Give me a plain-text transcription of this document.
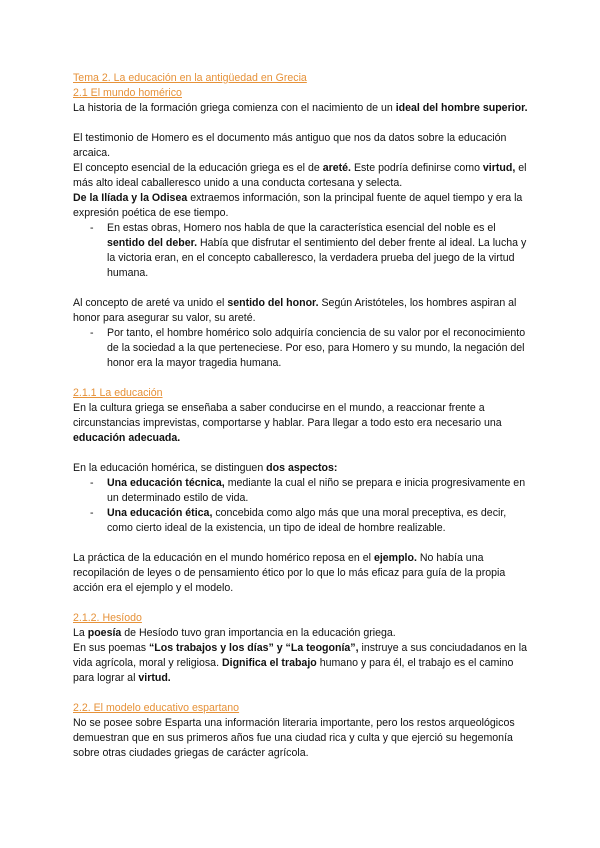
Tema 2. La educación en la antigüedad en Grecia

2.1 El mundo homérico

La historia de la formación griega comienza con el nacimiento de un ideal del hombre superior.

El testimonio de Homero es el documento más antiguo que nos da datos sobre la educación arcaica.

El concepto esencial de la educación griega es el de areté. Este podría definirse como virtud, el más alto ideal caballeresco unido a una conducta cortesana y selecta.

De la Ilíada y la Odisea extraemos información, son la principal fuente de aquel tiempo y era la expresión poética de ese tiempo.

- En estas obras, Homero nos habla de que la característica esencial del noble es el sentido del deber. Había que disfrutar el sentimiento del deber frente al ideal. La lucha y la victoria eran, en el concepto caballeresco, la verdadera prueba del juego de la virtud humana.

Al concepto de areté va unido el sentido del honor. Según Aristóteles, los hombres aspiran al honor para asegurar su valor, su areté.

- Por tanto, el hombre homérico solo adquiría conciencia de su valor por el reconocimiento de la sociedad a la que perteneciese. Por eso, para Homero y su mundo, la negación del honor era la mayor tragedia humana.

2.1.1 La educación

En la cultura griega se enseñaba a saber conducirse en el mundo, a reaccionar frente a circunstancias imprevistas, comportarse y hablar. Para llegar a todo esto era necesario una educación adecuada.

En la educación homérica, se distinguen dos aspectos:

- Una educación técnica, mediante la cual el niño se prepara e inicia progresivamente en un determinado estilo de vida.
- Una educación ética, concebida como algo más que una moral preceptiva, es decir, como cierto ideal de la existencia, un tipo de ideal de hombre realizable.

La práctica de la educación en el mundo homérico reposa en el ejemplo. No había una recopilación de leyes o de pensamiento ético por lo que lo más eficaz para guía de la propia acción era el ejemplo y el modelo.

2.1.2. Hesíodo

La poesía de Hesíodo tuvo gran importancia en la educación griega.

En sus poemas “Los trabajos y los días” y “La teogonía”, instruye a sus conciudadanos en la vida agrícola, moral y religiosa. Dignifica el trabajo humano y para él, el trabajo es el camino para lograr al virtud.

2.2. El modelo educativo espartano

No se posee sobre Esparta una información literaria importante, pero los restos arqueológicos demuestran que en sus primeros años fue una ciudad rica y culta y que ejerció su hegemonía sobre otras ciudades griegas de carácter agrícola.
